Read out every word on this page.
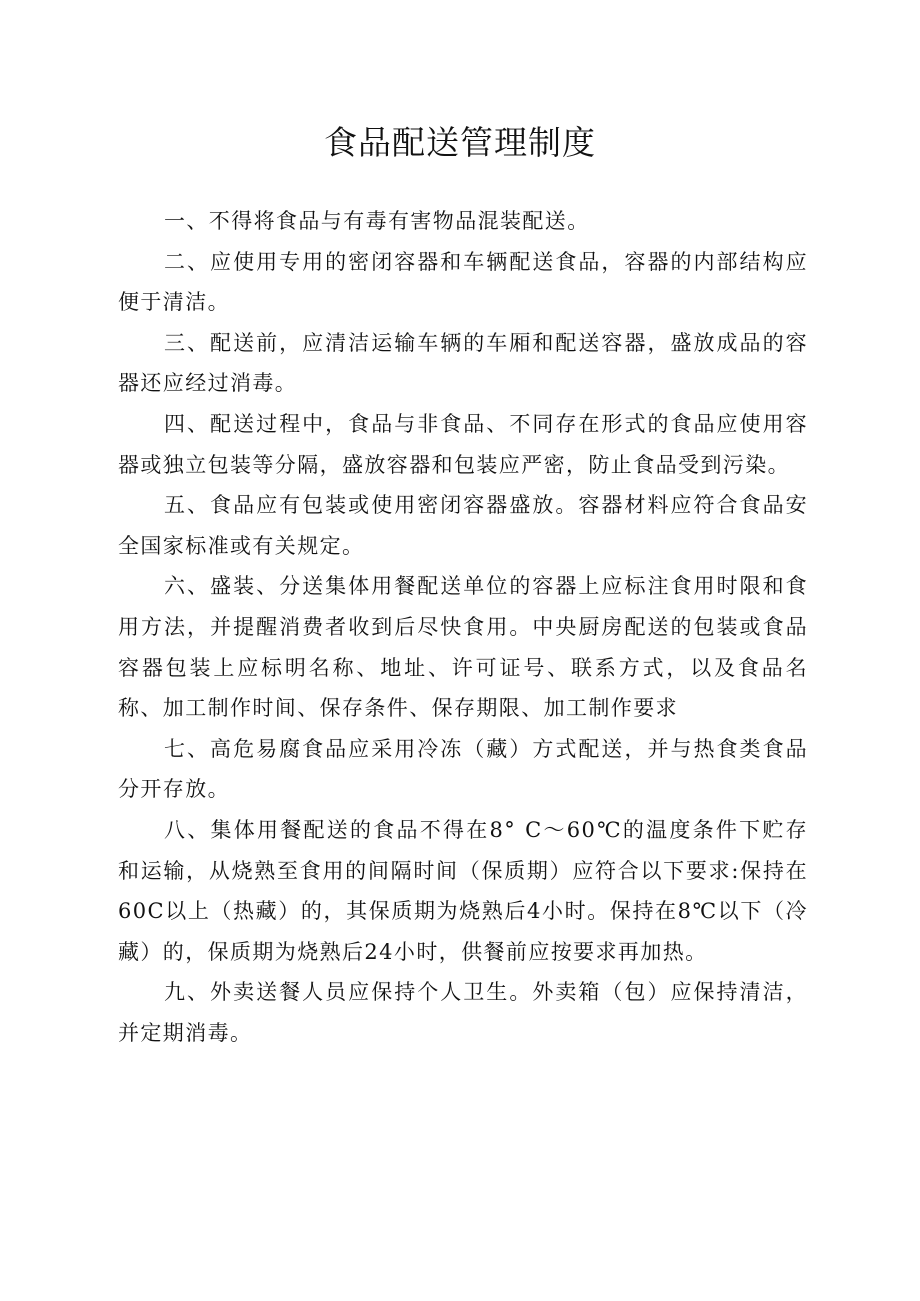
食品配送管理制度

一、不得将食品与有毒有害物品混装配送。

二、应使用专用的密闭容器和车辆配送食品，容器的内部结构应便于清洁。

三、配送前，应清洁运输车辆的车厢和配送容器，盛放成品的容器还应经过消毒。

四、配送过程中，食品与非食品、不同存在形式的食品应使用容器或独立包装等分隔，盛放容器和包装应严密，防止食品受到污染。

五、食品应有包装或使用密闭容器盛放。容器材料应符合食品安全国家标准或有关规定。

六、盛装、分送集体用餐配送单位的容器上应标注食用时限和食用方法，并提醒消费者收到后尽快食用。中央厨房配送的包装或食品容器包装上应标明名称、地址、许可证号、联系方式，以及食品名称、加工制作时间、保存条件、保存期限、加工制作要求

七、高危易腐食品应采用冷冻（藏）方式配送，并与热食类食品分开存放。

八、集体用餐配送的食品不得在8° C～60℃的温度条件下贮存和运输，从烧熟至食用的间隔时间（保质期）应符合以下要求:保持在60C以上（热藏）的，其保质期为烧熟后4小时。保持在8℃以下（冷藏）的，保质期为烧熟后24小时，供餐前应按要求再加热。

九、外卖送餐人员应保持个人卫生。外卖箱（包）应保持清洁，并定期消毒。
